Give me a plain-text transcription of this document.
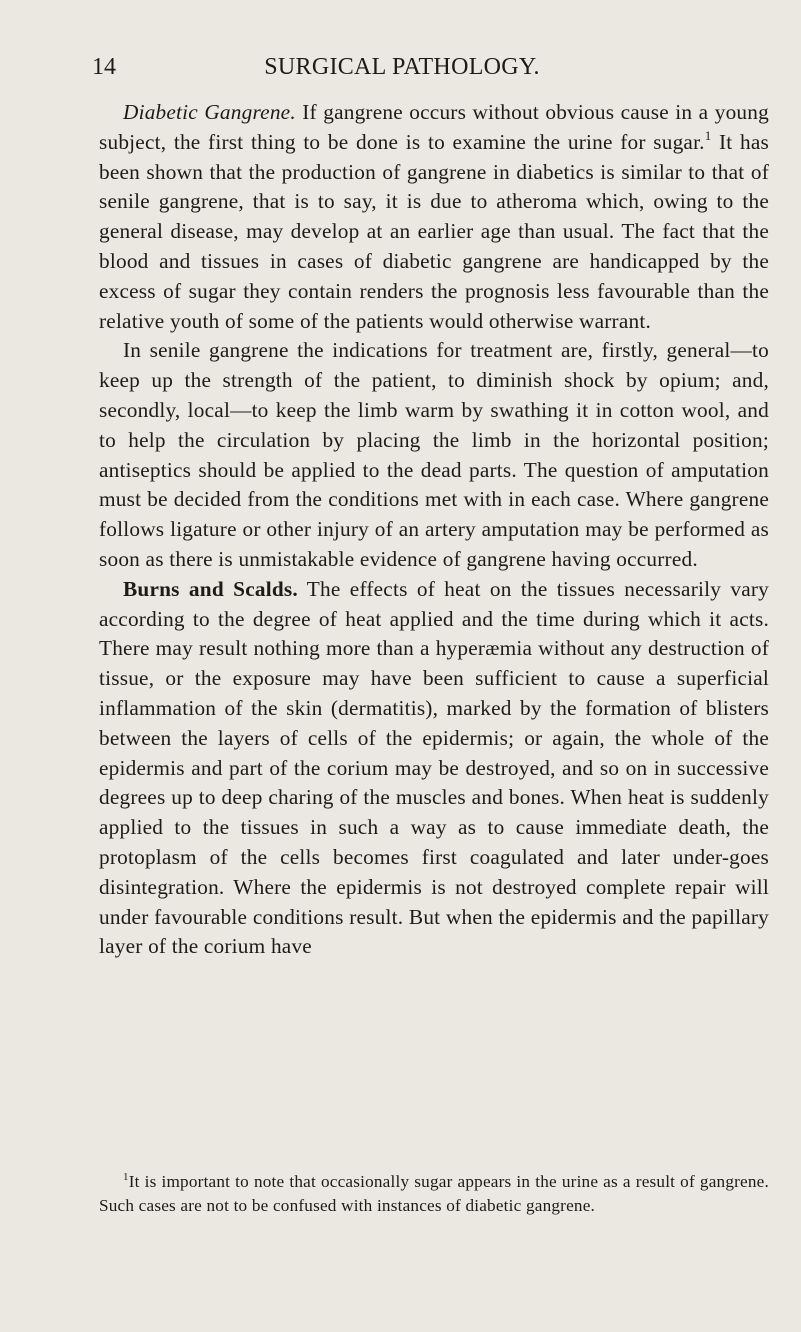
14	SURGICAL PATHOLOGY.

Diabetic Gangrene. If gangrene occurs without obvious cause in a young subject, the first thing to be done is to examine the urine for sugar.$^1$ It has been shown that the production of gangrene in diabetics is similar to that of senile gangrene, that is to say, it is due to atheroma which, owing to the general disease, may develop at an earlier age than usual. The fact that the blood and tissues in cases of diabetic gangrene are handicapped by the excess of sugar they contain renders the prognosis less favourable than the relative youth of some of the patients would otherwise warrant.

In senile gangrene the indications for treatment are, firstly, general—to keep up the strength of the patient, to diminish shock by opium; and, secondly, local—to keep the limb warm by swathing it in cotton wool, and to help the circulation by placing the limb in the horizontal position; antiseptics should be applied to the dead parts. The question of amputation must be decided from the conditions met with in each case. Where gangrene follows ligature or other injury of an artery amputation may be performed as soon as there is unmistakable evidence of gangrene having occurred.

Burns and Scalds. The effects of heat on the tissues necessarily vary according to the degree of heat applied and the time during which it acts. There may result nothing more than a hyperæmia without any destruction of tissue, or the exposure may have been sufficient to cause a superficial inflammation of the skin (dermatitis), marked by the formation of blisters between the layers of cells of the epidermis; or again, the whole of the epidermis and part of the corium may be destroyed, and so on in successive degrees up to deep charing of the muscles and bones. When heat is suddenly applied to the tissues in such a way as to cause immediate death, the protoplasm of the cells becomes first coagulated and later under-goes disintegration. Where the epidermis is not destroyed complete repair will under favourable conditions result. But when the epidermis and the papillary layer of the corium have

$^1$It is important to note that occasionally sugar appears in the urine as a result of gangrene. Such cases are not to be confused with instances of diabetic gangrene.
